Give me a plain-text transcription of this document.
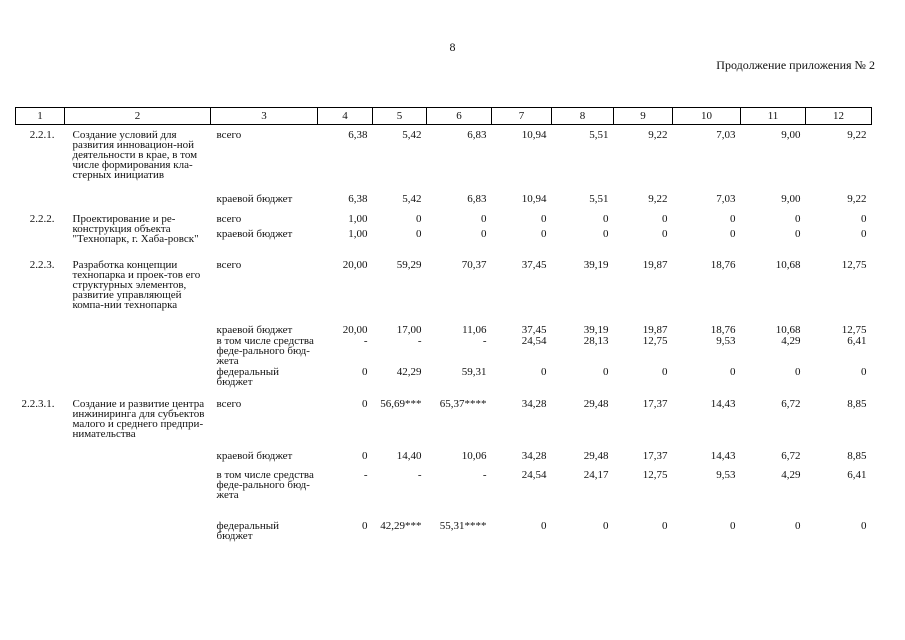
8
Продолжение приложения № 2
1	2	3	4	5	6	7	8	9	10	11	12
2.2.1.	Создание условий для развития инновацион-ной деятельности в крае, в том числе формирования кла-стерных инициатив	всего	6,38	5,42	6,83	10,94	5,51	9,22	7,03	9,00	9,22
		краевой бюджет	6,38	5,42	6,83	10,94	5,51	9,22	7,03	9,00	9,22
2.2.2.	Проектирование и ре-конструкция объекта "Технопарк, г. Хаба-ровск"	всего	1,00	0	0	0	0	0	0	0	0
		краевой бюджет	1,00	0	0	0	0	0	0	0	0
2.2.3.	Разработка концепции технопарка и проек-тов его структурных элементов, развитие управляющей компа-нии технопарка	всего	20,00	59,29	70,37	37,45	39,19	19,87	18,76	10,68	12,75
		краевой бюджет	20,00	17,00	11,06	37,45	39,19	19,87	18,76	10,68	12,75
		в том числе средства феде-рального бюд-жета	-	-	-	24,54	28,13	12,75	9,53	4,29	6,41
		федеральный бюджет	0	42,29	59,31	0	0	0	0	0	0
2.2.3.1.	Создание и развитие центра инжиниринга для субъектов малого и среднего предпри-нимательства	всего	0	56,69***	65,37****	34,28	29,48	17,37	14,43	6,72	8,85
		краевой бюджет	0	14,40	10,06	34,28	29,48	17,37	14,43	6,72	8,85
		в том числе средства феде-рального бюд-жета	-	-	-	24,54	24,17	12,75	9,53	4,29	6,41
		федеральный бюджет	0	42,29***	55,31****	0	0	0	0	0	0
